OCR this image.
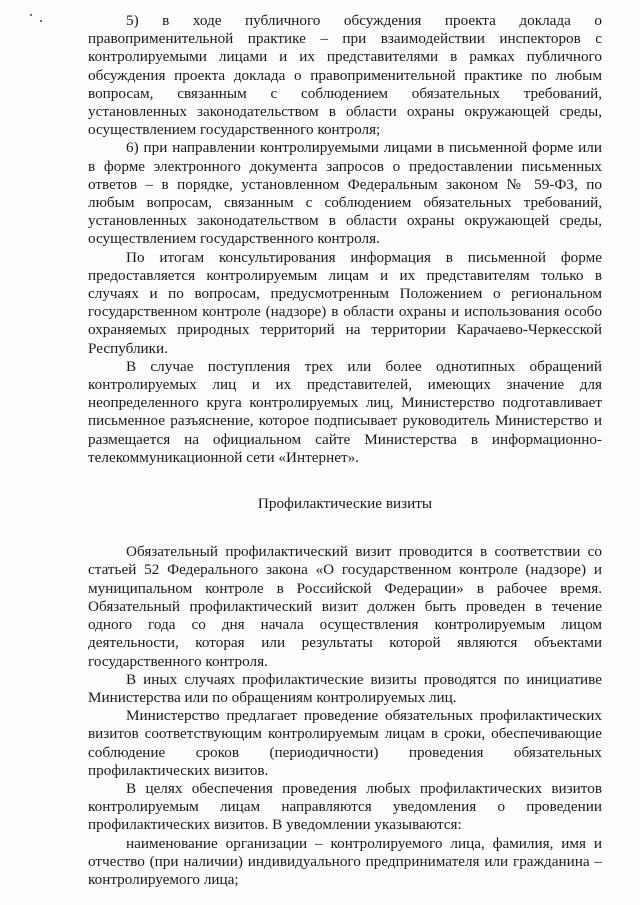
5) в ходе публичного обсуждения проекта доклада о правоприменительной практике – при взаимодействии инспекторов с контролируемыми лицами и их представителями в рамках публичного обсуждения проекта доклада о правоприменительной практике по любым вопросам, связанным с соблюдением обязательных требований, установленных законодательством в области охраны окружающей среды, осуществлением государственного контроля;

6) при направлении контролируемыми лицами в письменной форме или в форме электронного документа запросов о предоставлении письменных ответов – в порядке, установленном Федеральным законом № 59-ФЗ, по любым вопросам, связанным с соблюдением обязательных требований, установленных законодательством в области охраны окружающей среды, осуществлением государственного контроля.

По итогам консультирования информация в письменной форме предоставляется контролируемым лицам и их представителям только в случаях и по вопросам, предусмотренным Положением о региональном государственном контроле (надзоре) в области охраны и использования особо охраняемых природных территорий на территории Карачаево-Черкесской Республики.

В случае поступления трех или более однотипных обращений контролируемых лиц и их представителей, имеющих значение для неопределенного круга контролируемых лиц, Министерство подготавливает письменное разъяснение, которое подписывает руководитель Министерство и размещается на официальном сайте Министерства в информационно-телекоммуникационной сети «Интернет».

Профилактические визиты

Обязательный профилактический визит проводится в соответствии со статьей 52 Федерального закона «О государственном контроле (надзоре) и муниципальном контроле в Российской Федерации» в рабочее время. Обязательный профилактический визит должен быть проведен в течение одного года со дня начала осуществления контролируемым лицом деятельности, которая или результаты которой являются объектами государственного контроля.

В иных случаях профилактические визиты проводятся по инициативе Министерства или по обращениям контролируемых лиц.

Министерство предлагает проведение обязательных профилактических визитов соответствующим контролируемым лицам в сроки, обеспечивающие соблюдение сроков (периодичности) проведения обязательных профилактических визитов.

В целях обеспечения проведения любых профилактических визитов контролируемым лицам направляются уведомления о проведении профилактических визитов. В уведомлении указываются:

наименование организации – контролируемого лица, фамилия, имя и отчество (при наличии) индивидуального предпринимателя или гражданина – контролируемого лица;
